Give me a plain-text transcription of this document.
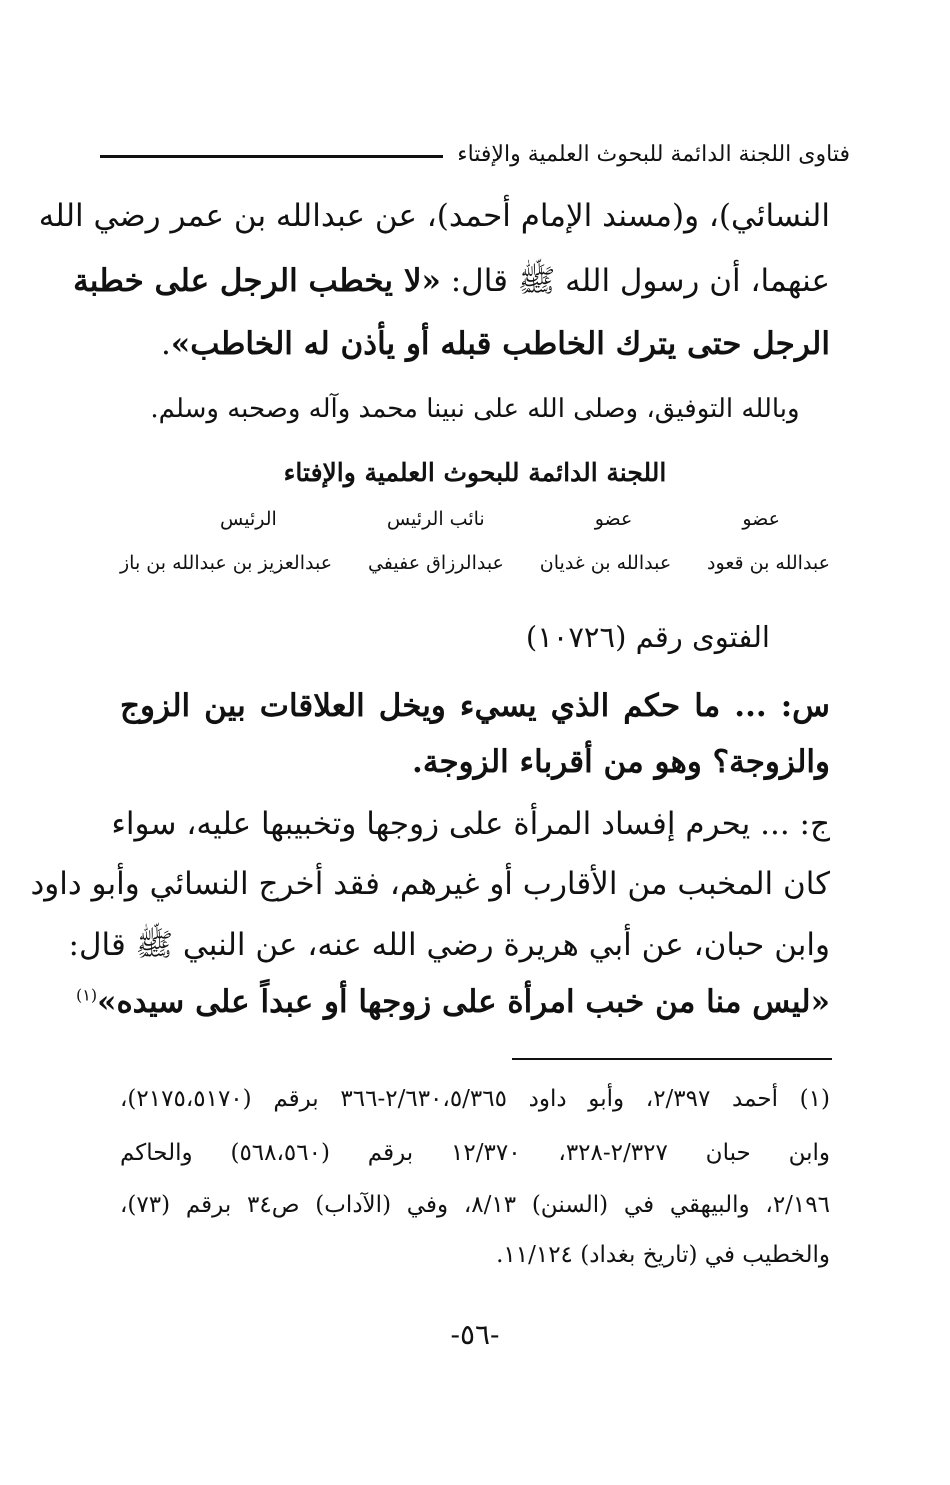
فتاوى اللجنة الدائمة للبحوث العلمية والإفتاء
النسائي)، و(مسند الإمام أحمد)، عن عبدالله بن عمر رضي الله
عنهما، أن رسول الله ﷺ قال: «لا يخطب الرجل على خطبة
الرجل حتى يترك الخاطب قبله أو يأذن له الخاطب».
وبالله التوفيق، وصلى الله على نبينا محمد وآله وصحبه وسلم.
اللجنة الدائمة للبحوث العلمية والإفتاء
عضو
عضو
نائب الرئيس
الرئيس
عبدالله بن قعود
عبدالله بن غديان
عبدالرزاق عفيفي
عبدالعزيز بن عبدالله بن باز
الفتوى رقم (١٠٧٢٦)
س: ... ما حكم الذي يسيء ويخل العلاقات بين الزوج
والزوجة؟ وهو من أقرباء الزوجة.
ج: ... يحرم إفساد المرأة على زوجها وتخبيبها عليه، سواء
كان المخبب من الأقارب أو غيرهم، فقد أخرج النسائي وأبو داود
وابن حبان، عن أبي هريرة رضي الله عنه، عن النبي ﷺ قال:
«ليس منا من خبب امرأة على زوجها أو عبداً على سيده»$^{(١)}$
(١) أحمد ٢/٣٩٧، وأبو داود ٢/٦٣٠،٥/٣٦٥-٣٦٦ برقم (٢١٧٥،٥١٧٠)،
وابن حبان ٢/٣٢٧-٣٢٨، ١٢/٣٧٠ برقم (٥٦٨،٥٦٠) والحاكم
٢/١٩٦، والبيهقي في (السنن) ٨/١٣، وفي (الآداب) ص٣٤ برقم (٧٣)،
والخطيب في (تاريخ بغداد) ١١/١٢٤.
-٥٦-
